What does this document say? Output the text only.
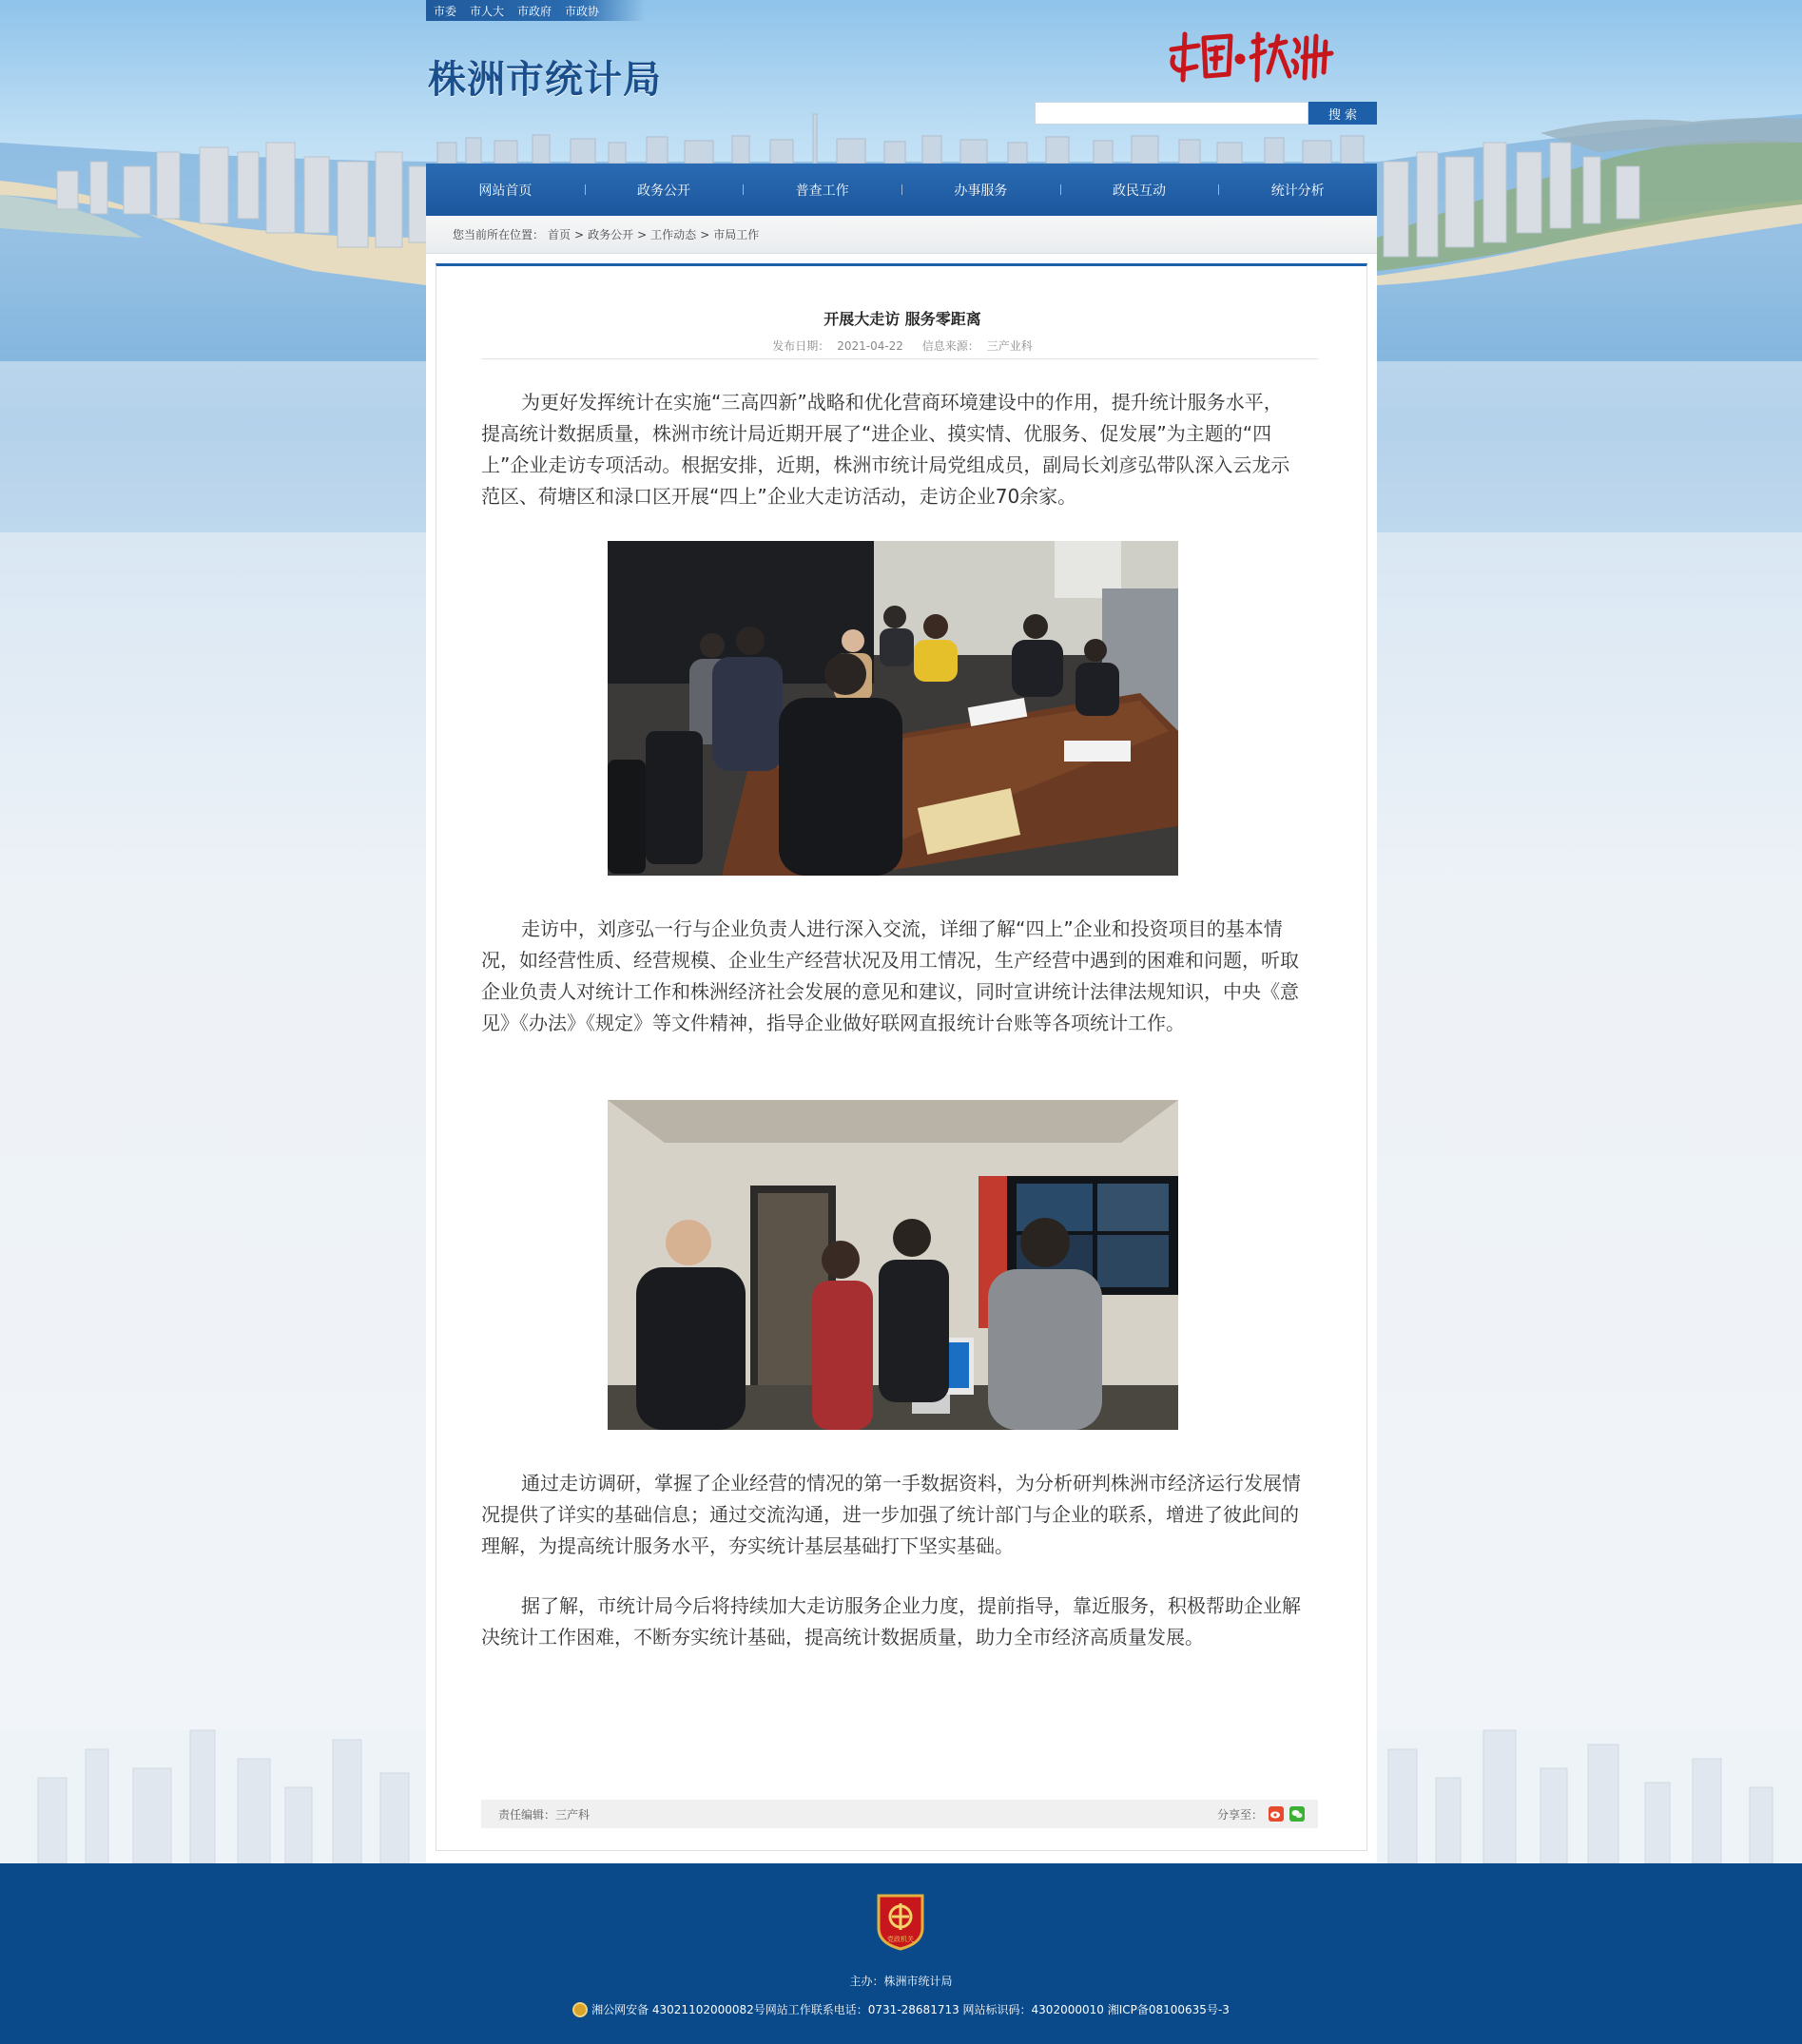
市委 市人大 市政府 市政协
株洲市统计局
搜 索
网站首页	政务公开	普查工作	办事服务	政民互动	统计分析
您当前所在位置： 首页 > 政务公开 > 工作动态 > 市局工作
开展大走访 服务零距离
发布日期： 2021-04-22 信息来源： 三产业科

为更好发挥统计在实施“三高四新”战略和优化营商环境建设中的作用，提升统计服务水平，提高统计数据质量，株洲市统计局近期开展了“进企业、摸实情、优服务、促发展”为主题的“四上”企业走访专项活动。根据安排，近期，株洲市统计局党组成员，副局长刘彦弘带队深入云龙示范区、荷塘区和渌口区开展“四上”企业大走访活动，走访企业70余家。

走访中，刘彦弘一行与企业负责人进行深入交流，详细了解“四上”企业和投资项目的基本情况，如经营性质、经营规模、企业生产经营状况及用工情况，生产经营中遇到的困难和问题，听取企业负责人对统计工作和株洲经济社会发展的意见和建议，同时宣讲统计法律法规知识，中央《意见》《办法》《规定》等文件精神，指导企业做好联网直报统计台账等各项统计工作。

通过走访调研，掌握了企业经营的情况的第一手数据资料，为分析研判株洲市经济运行发展情况提供了详实的基础信息；通过交流沟通，进一步加强了统计部门与企业的联系，增进了彼此间的理解，为提高统计服务水平，夯实统计基层基础打下坚实基础。

据了解，市统计局今后将持续加大走访服务企业力度，提前指导，靠近服务，积极帮助企业解决统计工作困难，不断夯实统计基础，提高统计数据质量，助力全市经济高质量发展。

责任编辑： 三产科	分享至：
党政机关
主办：株洲市统计局
湘公网安备 43021102000082号网站工作联系电话：0731-28681713 网站标识码：4302000010 湘ICP备08100635号-3
